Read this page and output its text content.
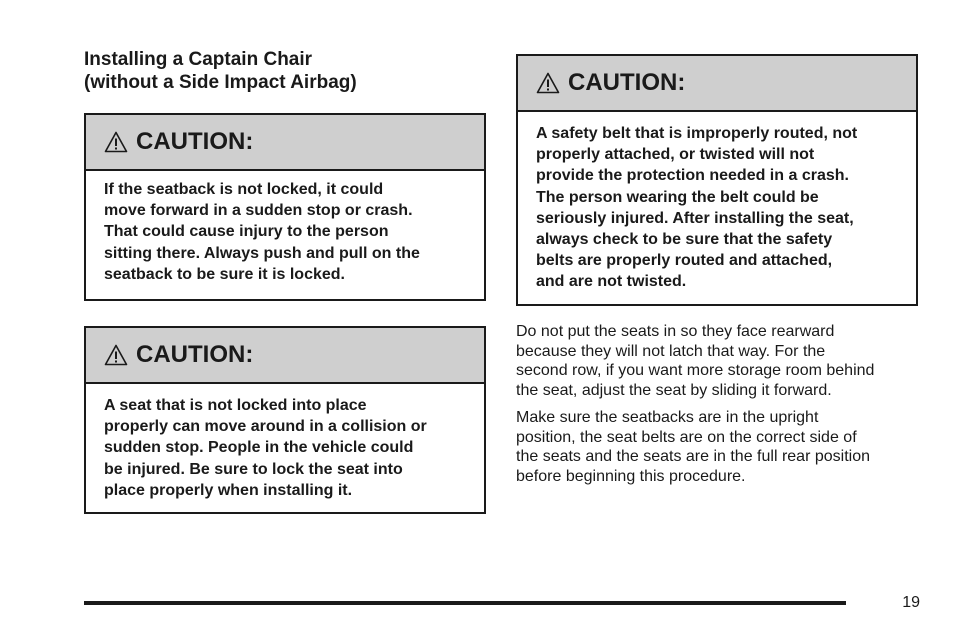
Installing a Captain Chair
(without a Side Impact Airbag)
CAUTION:
If the seatback is not locked, it could
move forward in a sudden stop or crash.
That could cause injury to the person
sitting there. Always push and pull on the
seatback to be sure it is locked.
CAUTION:
A seat that is not locked into place
properly can move around in a collision or
sudden stop. People in the vehicle could
be injured. Be sure to lock the seat into
place properly when installing it.
CAUTION:
A safety belt that is improperly routed, not
properly attached, or twisted will not
provide the protection needed in a crash.
The person wearing the belt could be
seriously injured. After installing the seat,
always check to be sure that the safety
belts are properly routed and attached,
and are not twisted.
Do not put the seats in so they face rearward
because they will not latch that way. For the
second row, if you want more storage room behind
the seat, adjust the seat by sliding it forward.
Make sure the seatbacks are in the upright
position, the seat belts are on the correct side of
the seats and the seats are in the full rear position
before beginning this procedure.
19
